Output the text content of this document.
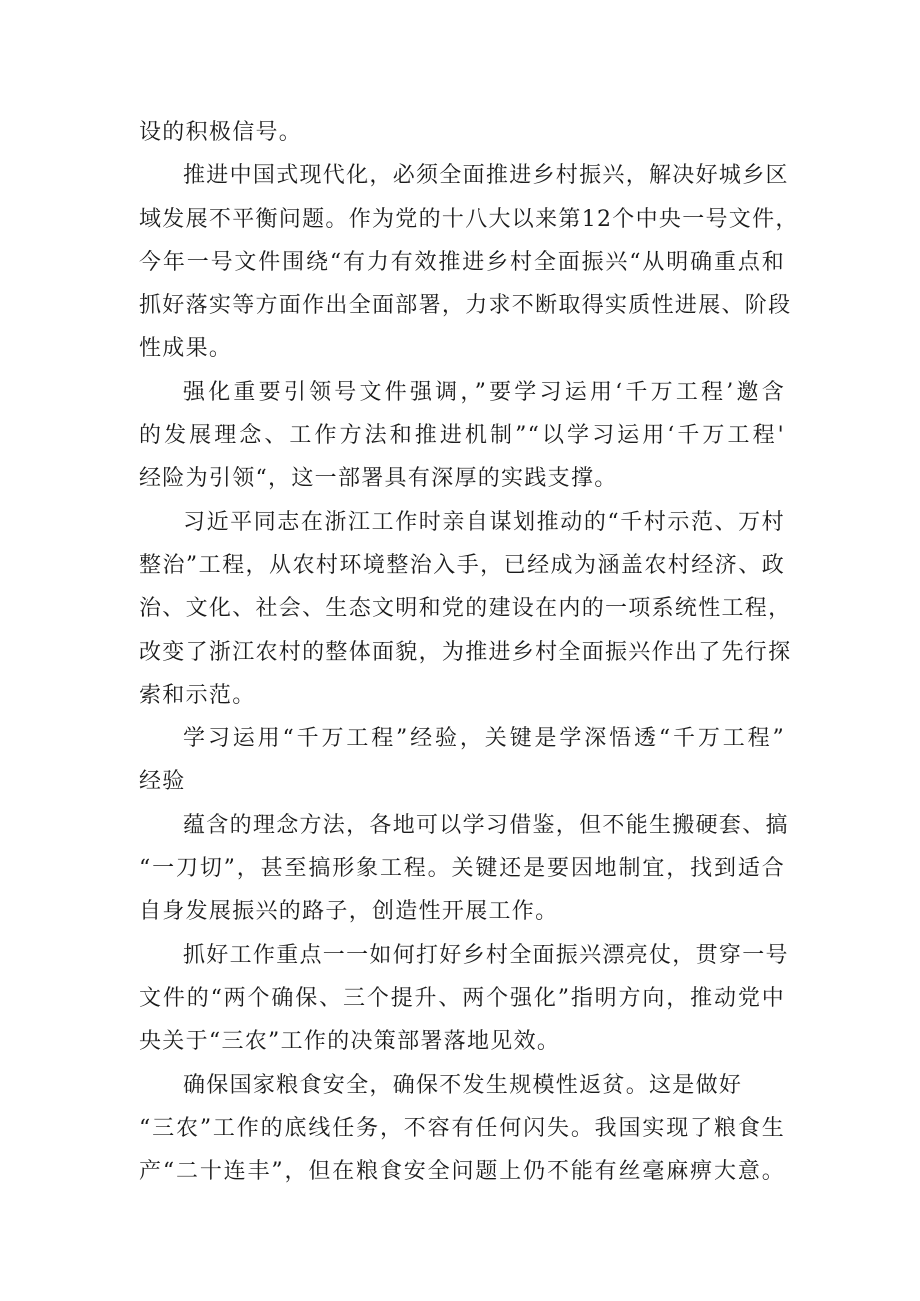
设的积极信号。
推进中国式现代化，必须全面推进乡村振兴，解决好城乡区
域发展不平衡问题。作为党的十八大以来第12个中央一号文件，
今年一号文件围绕“有力有效推进乡村全面振兴“从明确重点和
抓好落实等方面作出全面部署，力求不断取得实质性进展、阶段
性成果。
强化重要引领号文件强调，”要学习运用‘千万工程’邀含
的发展理念、工作方法和推进机制”“以学习运用‘千万工程'
经险为引领“，这一部署具有深厚的实践支撑。
习近平同志在浙江工作时亲自谋划推动的“千村示范、万村
整治”工程，从农村环境整治入手，已经成为涵盖农村经济、政
治、文化、社会、生态文明和党的建设在内的一项系统性工程，
改变了浙江农村的整体面貌，为推进乡村全面振兴作出了先行探
索和示范。
学习运用“千万工程”经验，关键是学深悟透“千万工程”
经验
蕴含的理念方法，各地可以学习借鉴，但不能生搬硬套、搞
“一刀切”，甚至搞形象工程。关键还是要因地制宜，找到适合
自身发展振兴的路子，创造性开展工作。
抓好工作重点一一如何打好乡村全面振兴漂亮仗，贯穿一号
文件的“两个确保、三个提升、两个强化”指明方向，推动党中
央关于“三农”工作的决策部署落地见效。
确保国家粮食安全，确保不发生规模性返贫。这是做好
“三农”工作的底线任务，不容有任何闪失。我国实现了粮食生
产“二十连丰”，但在粮食安全问题上仍不能有丝毫麻痹大意。
